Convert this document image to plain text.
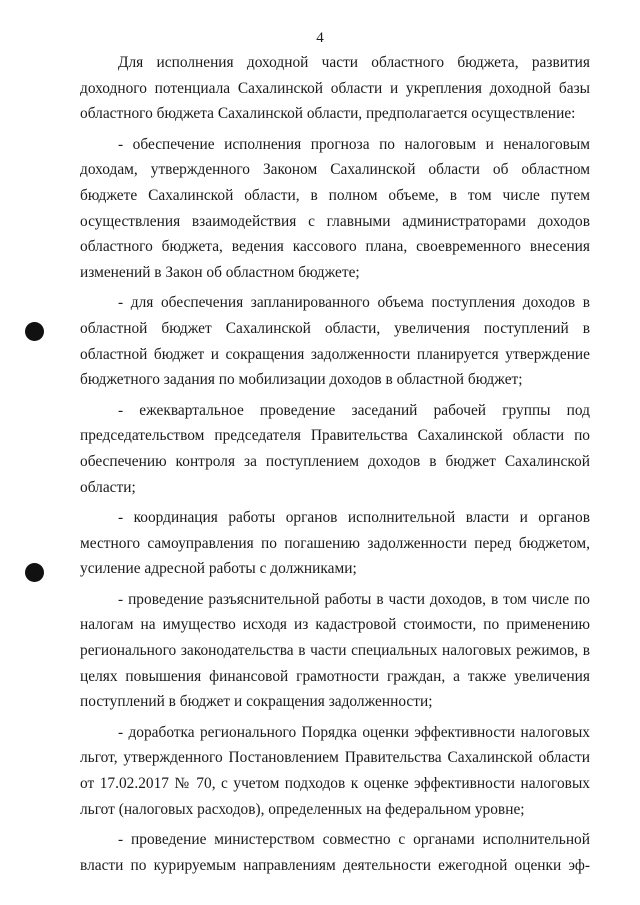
4

Для исполнения доходной части областного бюджета, развития доходного потенциала Сахалинской области и укрепления доходной базы областного бюджета Сахалинской области, предполагается осуществление:

- обеспечение исполнения прогноза по налоговым и неналоговым доходам, утвержденного Законом Сахалинской области об областном бюджете Сахалинской области, в полном объеме, в том числе путем осуществления взаимодействия с главными администраторами доходов областного бюджета, ведения кассового плана, своевременного внесения изменений в Закон об областном бюджете;

- для обеспечения запланированного объема поступления доходов в областной бюджет Сахалинской области, увеличения поступлений в областной бюджет и сокращения задолженности планируется утверждение бюджетного задания по мобилизации доходов в областной бюджет;

- ежеквартальное проведение заседаний рабочей группы под председательством председателя Правительства Сахалинской области по обеспечению контроля за поступлением доходов в бюджет Сахалинской области;

- координация работы органов исполнительной власти и органов местного самоуправления по погашению задолженности перед бюджетом, усиление адресной работы с должниками;

- проведение разъяснительной работы в части доходов, в том числе по налогам на имущество исходя из кадастровой стоимости, по применению регионального законодательства в части специальных налоговых режимов, в целях повышения финансовой грамотности граждан, а также увеличения поступлений в бюджет и сокращения задолженности;

- доработка регионального Порядка оценки эффективности налоговых льгот, утвержденного Постановлением Правительства Сахалинской области от 17.02.2017 № 70, с учетом подходов к оценке эффективности налоговых льгот (налоговых расходов), определенных на федеральном уровне;

- проведение министерством совместно с органами исполнительной власти по курируемым направлениям деятельности ежегодной оценки эф-
